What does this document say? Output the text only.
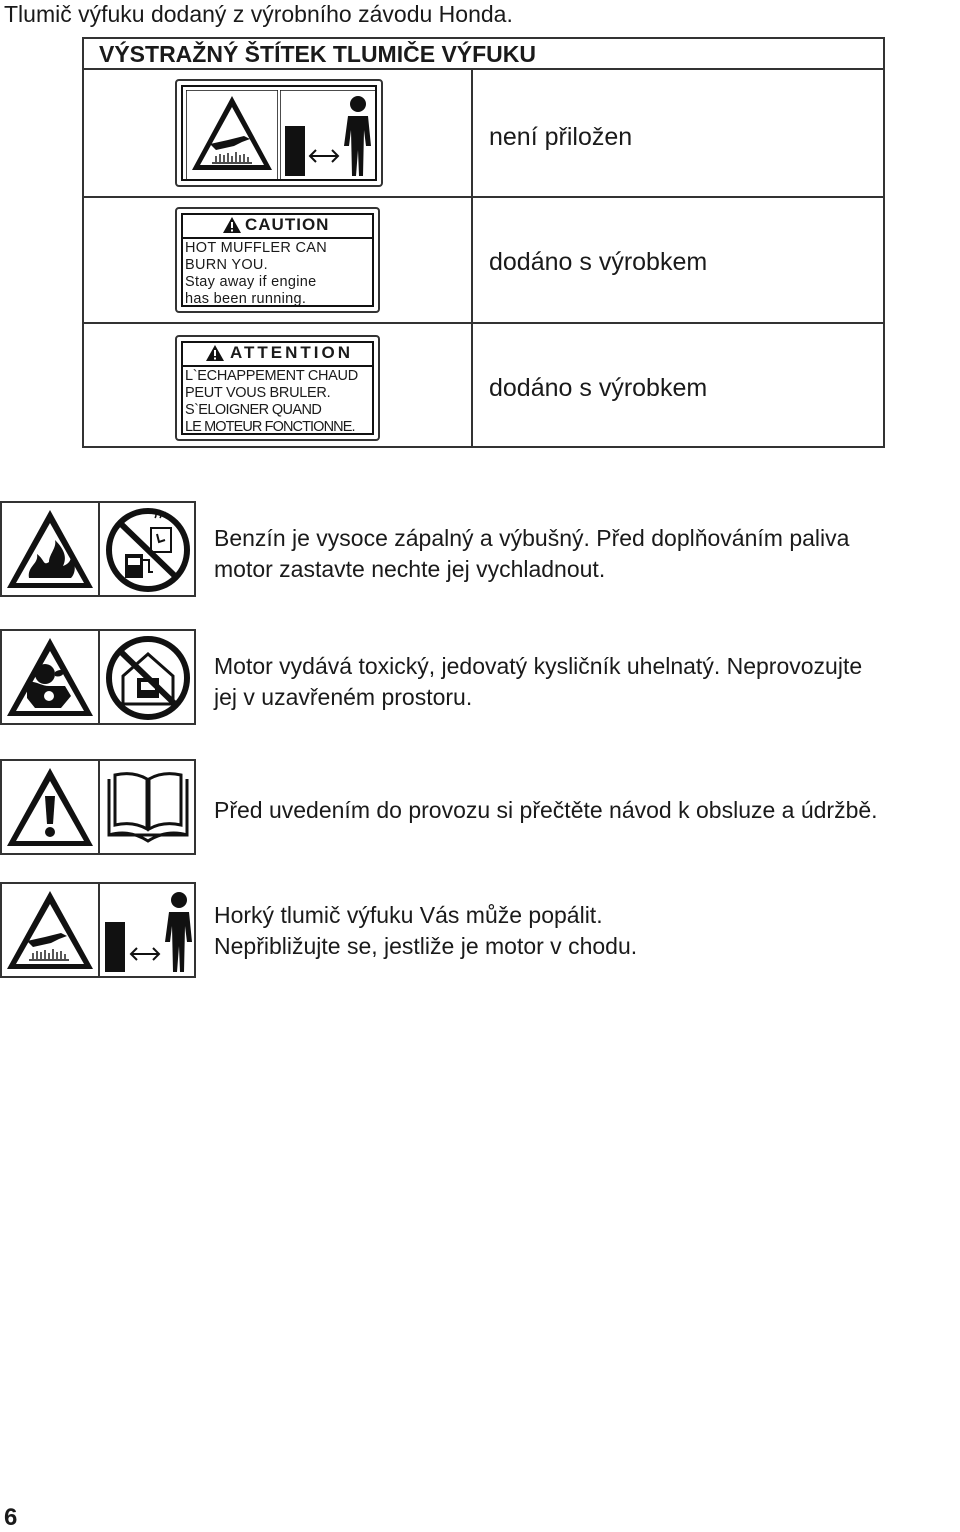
Tlumič výfuku dodaný z výrobního závodu Honda.
VÝSTRAŽNÝ ŠTÍTEK TLUMIČE VÝFUKU
není přiložen
CAUTION
HOT MUFFLER CAN
BURN YOU.
Stay away if engine
has been running.
dodáno s výrobkem
ATTENTION
L`ECHAPPEMENT CHAUD
PEUT VOUS BRULER.
S`ELOIGNER QUAND
LE MOTEUR FONCTIONNE.
dodáno s výrobkem
Benzín je vysoce zápalný a výbušný. Před doplňováním paliva
motor zastavte nechte jej vychladnout.
Motor vydává toxický, jedovatý kysličník uhelnatý. Neprovozujte
jej v uzavřeném prostoru.
Před uvedením do provozu si přečtěte návod k obsluze a údržbě.
Horký tlumič výfuku Vás může popálit.
Nepřibližujte se, jestliže je motor v chodu.
6
